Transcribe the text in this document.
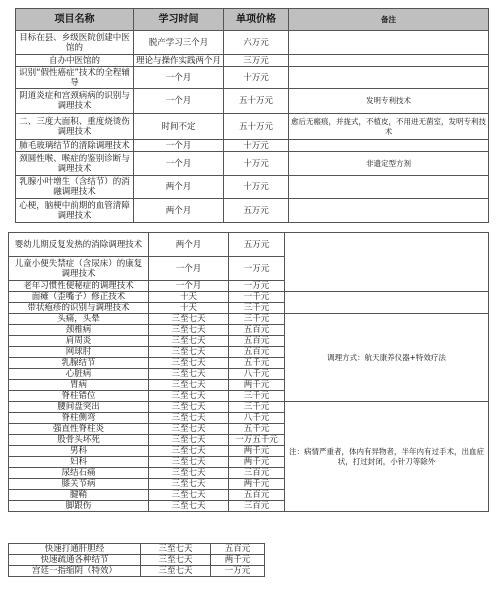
项目名称	学习时间	单项价格	备注
目标在县、乡级医院创建中医馆的	脱产学习三个月	六万元	
自办中医馆的	理论与操作实践两个月	三万元	
识别“假性癌症”技术的全程辅导	一个月	十万元	
阴道炎症和宫颈病病的识别与调理技术	一个月	五十万元	发明专利技术
二、三度大面积、重度烧烫伤调理技术	时间不定	五十万元	愈后无瘢痕，并拢式，不植皮，不用进无菌室，发明专利技术
肺毛玻璃结节的清除调理技术	一个月	十万元	
颈圆性喉、喉症的鉴别诊断与调理技术	一个月	十万元	非遗定型方剂
乳腺小叶增生（含结节）的消融调理技术	两个月	十万元	
心梗，脑梗中前期的血管清障调理技术	两个月	五万元	
婴幼儿期反复发热的消除调理技术	两个月	五万元	
儿童小便失禁症（含尿床）的康复调理技术	一个月	一万元	
老年习惯性便秘症的调理技术	一个月	一万元	
面瘫（歪嘴子）修正技术	十天	一千元	
带状疱疹的识别与调理技术	十天	三千元	
头痛，头晕	三至七天	三千元	调理方式：航天康养仪器+特效疗法
颈椎病	三至七天	五百元	
肩周炎	三至七天	五百元	
网球肘	三至七天	五百元	
乳腺结节	三至七天	五千元	
心脏病	三至七天	八千元	
胃病	三至七天	两千元	
脊柱错位	三至七天	三千元	
腰间盘突出	三至七天	三千元	注：病情严重者，体内有异物者，半年内有过手术，出血症状，打过封闭，小针刀等除外
脊柱侧弯	三至七天	八千元	
强直性脊柱炎	三至七天	五千元	
股骨头坏死	三至七天	一万五千元	
男科	三至七天	两千元	
妇科	三至七天	两千元	
尿结石痛	三至七天	三百元	
膝关节病	三至七天	两千元	
腱鞘	三至七天	五百元	
脚跟伤	三至七天	三百元	
快速打通肝胆经	三至七天	五百元
快速疏通各种结节	三至七天	两千元
宫廷一指缩阴（特效）	三至七天	一万元
